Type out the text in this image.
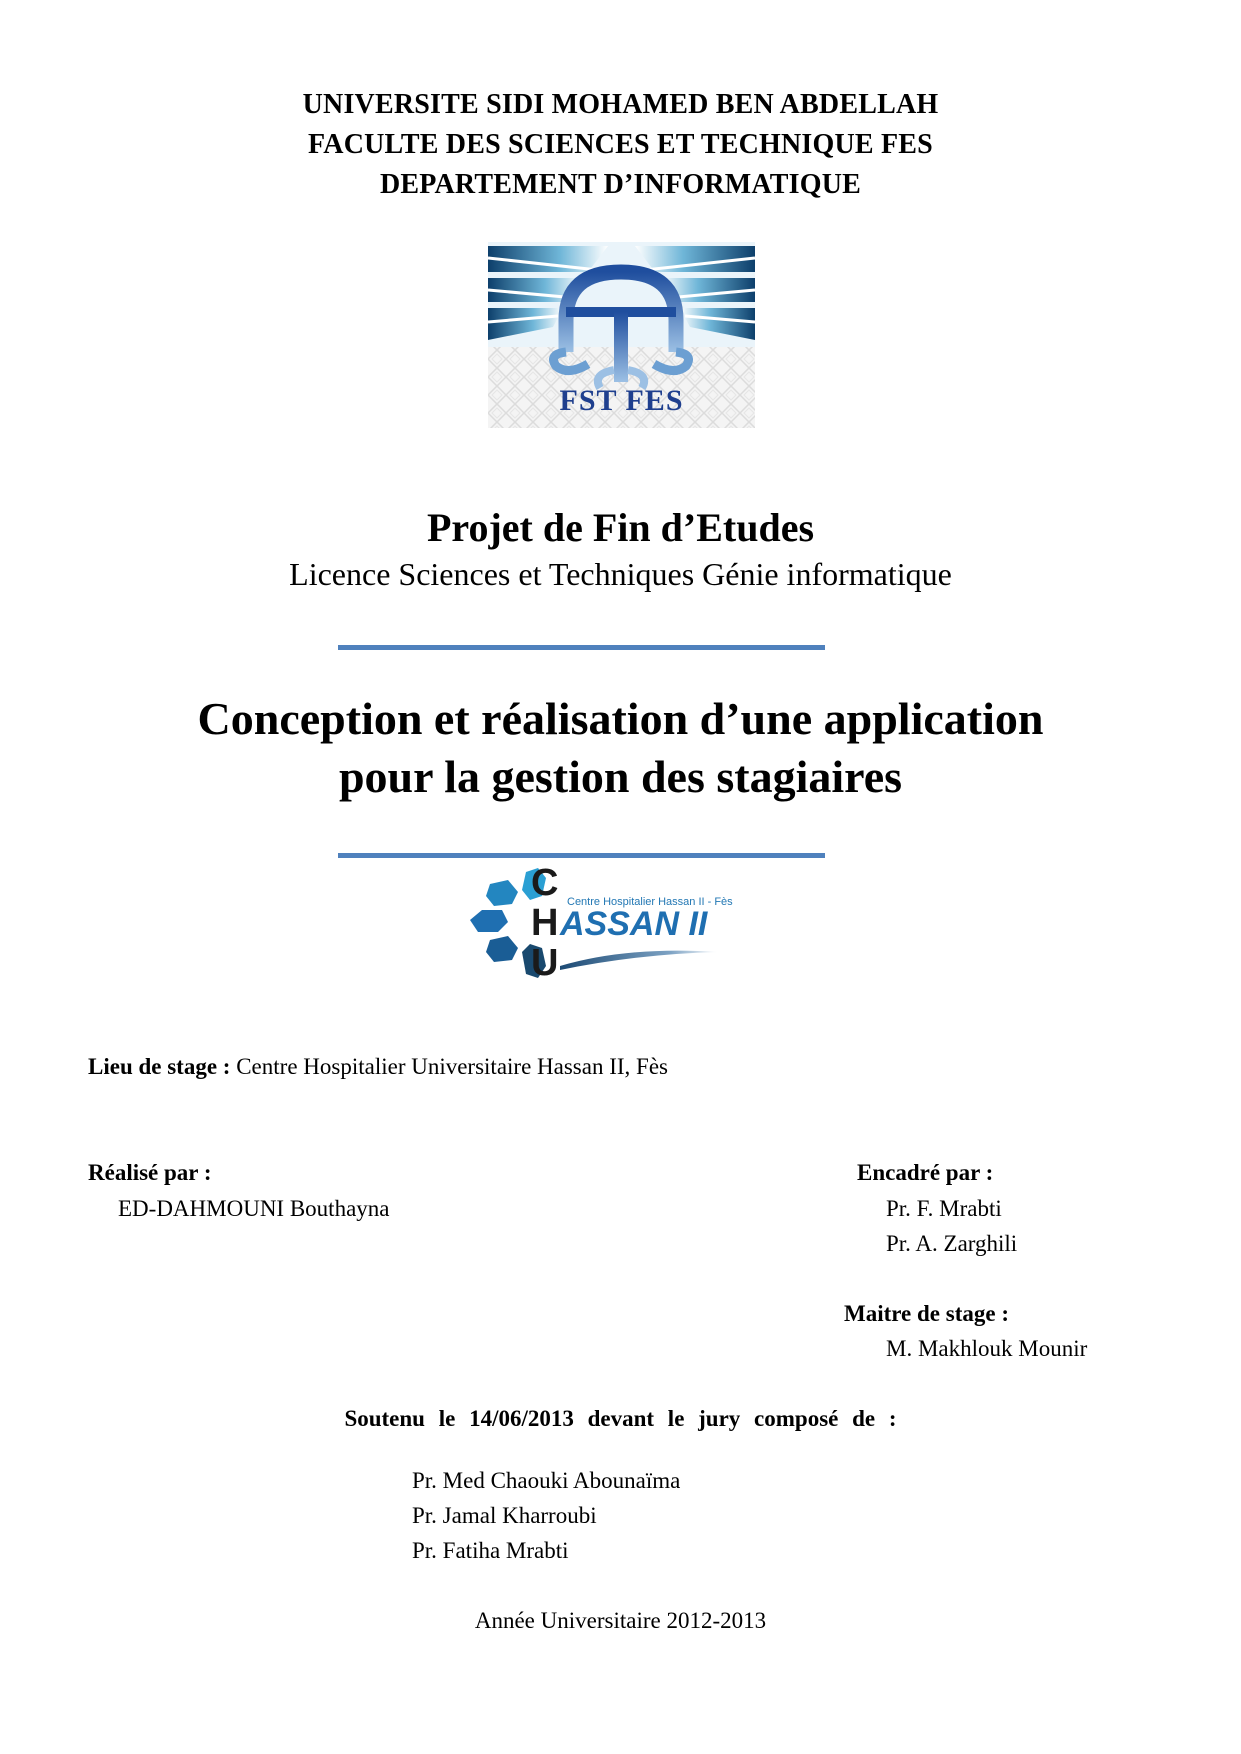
UNIVERSITE SIDI MOHAMED BEN ABDELLAH
FACULTE DES SCIENCES ET TECHNIQUE FES
DEPARTEMENT D’INFORMATIQUE
FST FES
Projet de Fin d’Etudes
Licence Sciences et Techniques Génie informatique
Conception et réalisation d’une application
pour la gestion des stagiaires
C
H
U
Centre Hospitalier Hassan II - Fès
ASSAN II
Lieu de stage : Centre Hospitalier Universitaire Hassan II, Fès
Réalisé par :
ED-DAHMOUNI Bouthayna
Encadré par :
Pr. F. Mrabti
Pr. A. Zarghili
Maitre de stage :
M. Makhlouk Mounir
Soutenu le 14/06/2013 devant le jury composé de :
Pr. Med Chaouki Abounaïma
Pr. Jamal Kharroubi
Pr. Fatiha Mrabti
Année Universitaire 2012-2013
